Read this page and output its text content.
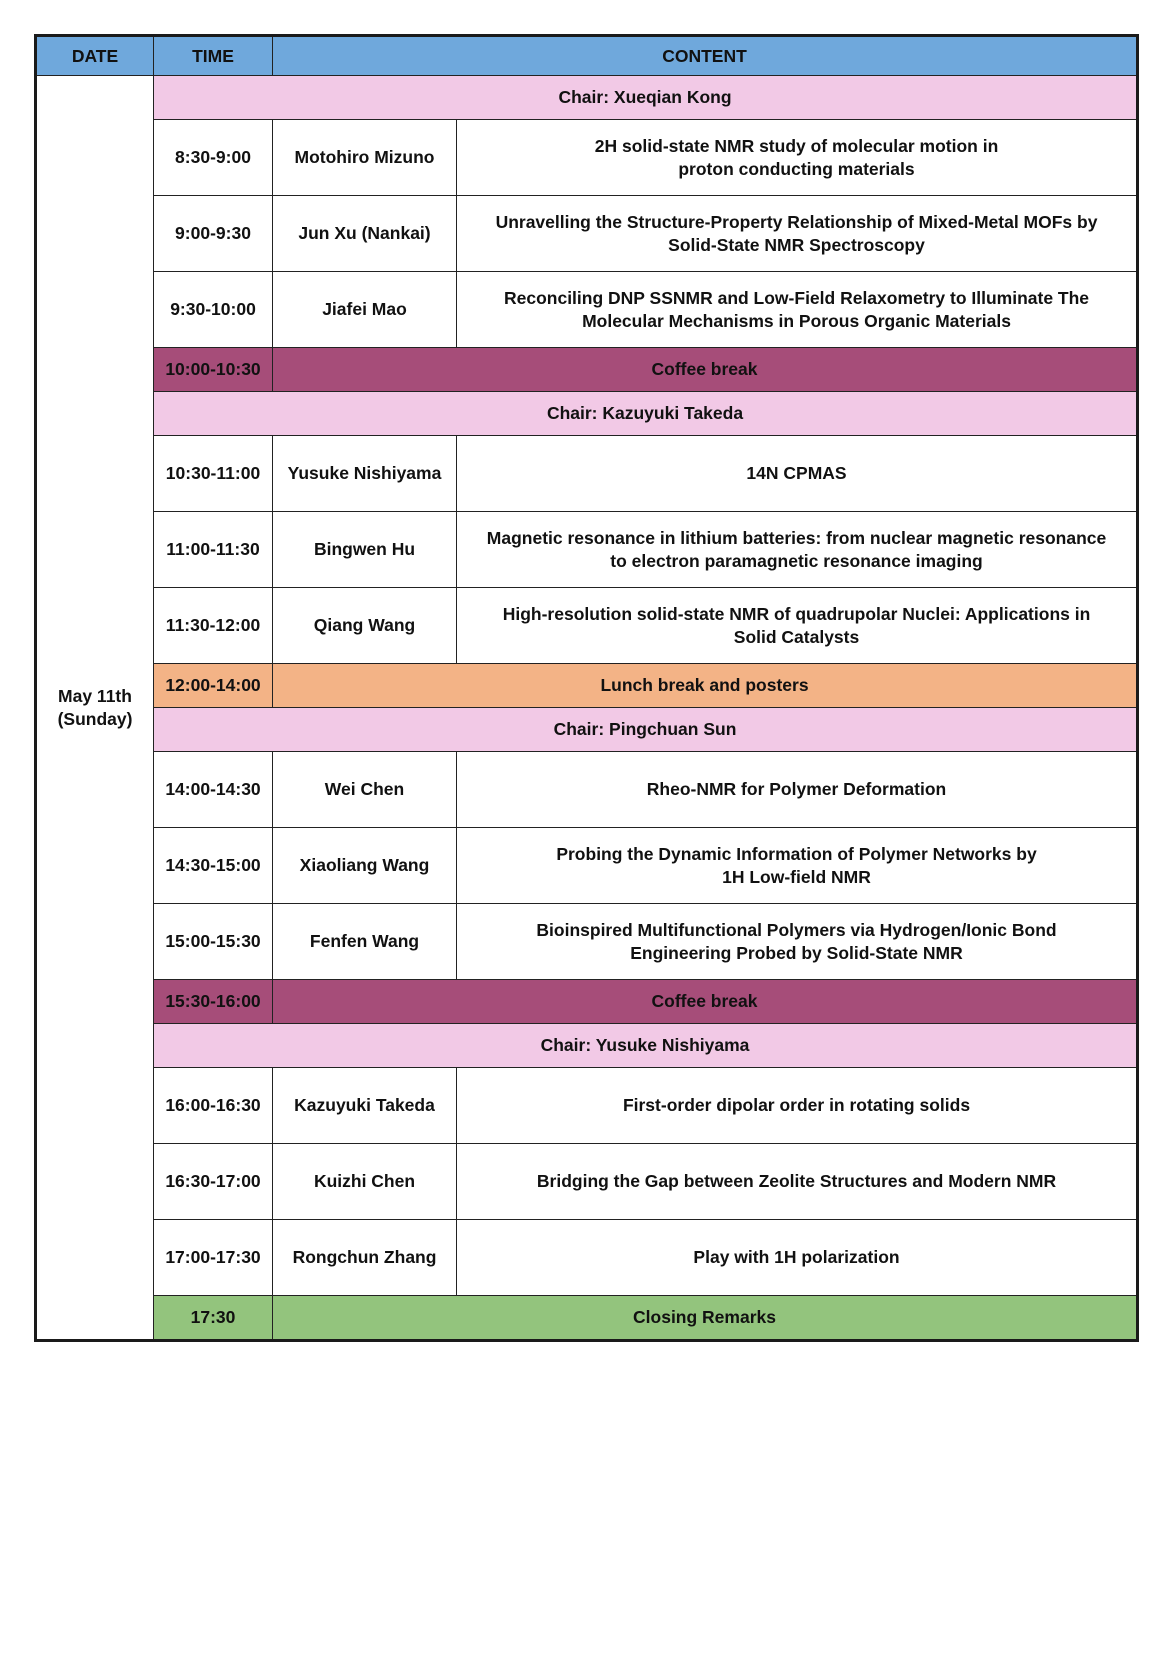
DATE	TIME	CONTENT	
May 11th
(Sunday)	Chair: Xueqian Kong		
	8:30-9:00	Motohiro Mizuno	2H solid-state NMR study of molecular motion in
proton conducting materials
	9:00-9:30	Jun Xu (Nankai)	Unravelling the Structure-Property Relationship of Mixed-Metal MOFs by
Solid-State NMR Spectroscopy
	9:30-10:00	Jiafei Mao	Reconciling DNP SSNMR and Low-Field Relaxometry to Illuminate The
Molecular Mechanisms in Porous Organic Materials
	10:00-10:30	Coffee break	
	Chair: Kazuyuki Takeda		
	10:30-11:00	Yusuke Nishiyama	14N CPMAS
	11:00-11:30	Bingwen Hu	Magnetic resonance in lithium batteries: from nuclear magnetic resonance
to electron paramagnetic resonance imaging
	11:30-12:00	Qiang Wang	High-resolution solid-state NMR of quadrupolar Nuclei: Applications in
Solid Catalysts
	12:00-14:00	Lunch break and posters	
	Chair: Pingchuan Sun		
	14:00-14:30	Wei Chen	Rheo-NMR for Polymer Deformation
	14:30-15:00	Xiaoliang Wang	Probing the Dynamic Information of Polymer Networks by
1H Low-field NMR
	15:00-15:30	Fenfen Wang	Bioinspired Multifunctional Polymers via Hydrogen/Ionic Bond
Engineering Probed by Solid-State NMR
	15:30-16:00	Coffee break	
	Chair: Yusuke Nishiyama		
	16:00-16:30	Kazuyuki Takeda	First-order dipolar order in rotating solids
	16:30-17:00	Kuizhi Chen	Bridging the Gap between Zeolite Structures and Modern NMR
	17:00-17:30	Rongchun Zhang	Play with 1H polarization
	17:30	Closing Remarks	
